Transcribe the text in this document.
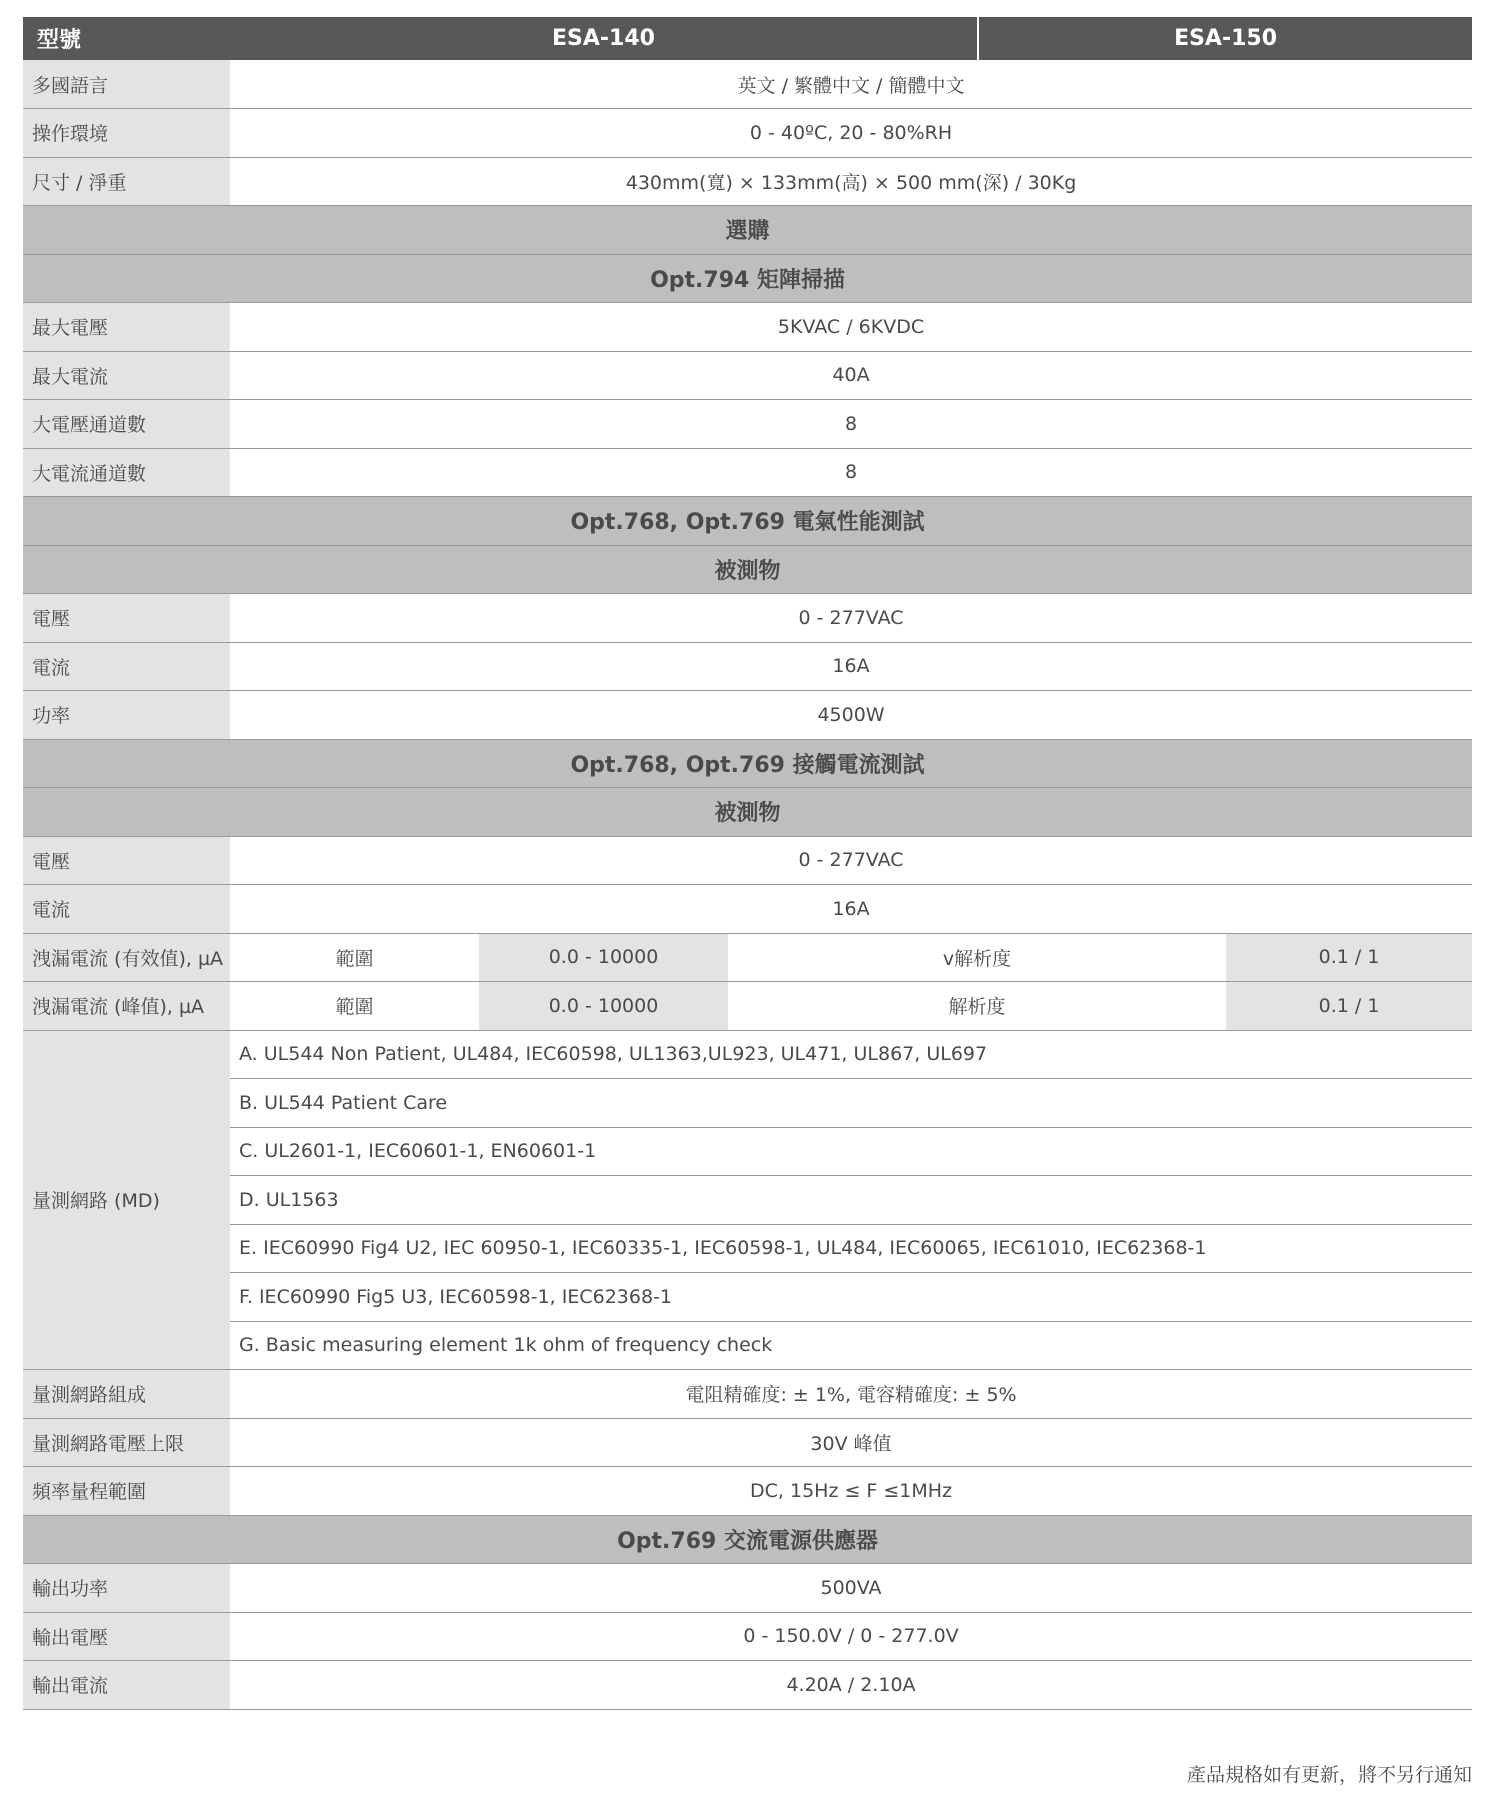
型號	ESA-140			ESA-150	
多國語言	英文 / 繁體中文 / 簡體中文				
操作環境	0 - 40ºC, 20 - 80%RH				
尺寸 / 淨重	430mm(寬) × 133mm(高) × 500 mm(深) / 30Kg				
選購					
Opt.794 矩陣掃描					
最大電壓	5KVAC / 6KVDC				
最大電流	40A				
大電壓通道數	8				
大電流通道數	8				
Opt.768, Opt.769 電氣性能測試					
被測物					
電壓	0 - 277VAC				
電流	16A				
功率	4500W				
Opt.768, Opt.769 接觸電流測試					
被測物					
電壓	0 - 277VAC				
電流	16A				
洩漏電流 (有效值), µA	範圍	0.0 - 10000	v解析度		0.1 / 1
洩漏電流 (峰值), µA	範圍	0.0 - 10000	解析度		0.1 / 1
量測網路 (MD)	A. UL544 Non Patient, UL484, IEC60598, UL1363,UL923, UL471, UL867, UL697				
	B. UL544 Patient Care				
	C. UL2601-1, IEC60601-1, EN60601-1				
	D. UL1563				
	E. IEC60990 Fig4 U2, IEC 60950-1, IEC60335-1, IEC60598-1, UL484, IEC60065, IEC61010, IEC62368-1				
	F. IEC60990 Fig5 U3, IEC60598-1, IEC62368-1				
	G. Basic measuring element 1k ohm of frequency check				
量測網路組成	電阻精確度: ± 1%, 電容精確度: ± 5%				
量測網路電壓上限	30V 峰值				
頻率量程範圍	DC, 15Hz ≤ F ≤1MHz				
Opt.769 交流電源供應器					
輸出功率	500VA				
輸出電壓	0 - 150.0V / 0 - 277.0V				
輸出電流	4.20A / 2.10A				
產品規格如有更新，將不另行通知
